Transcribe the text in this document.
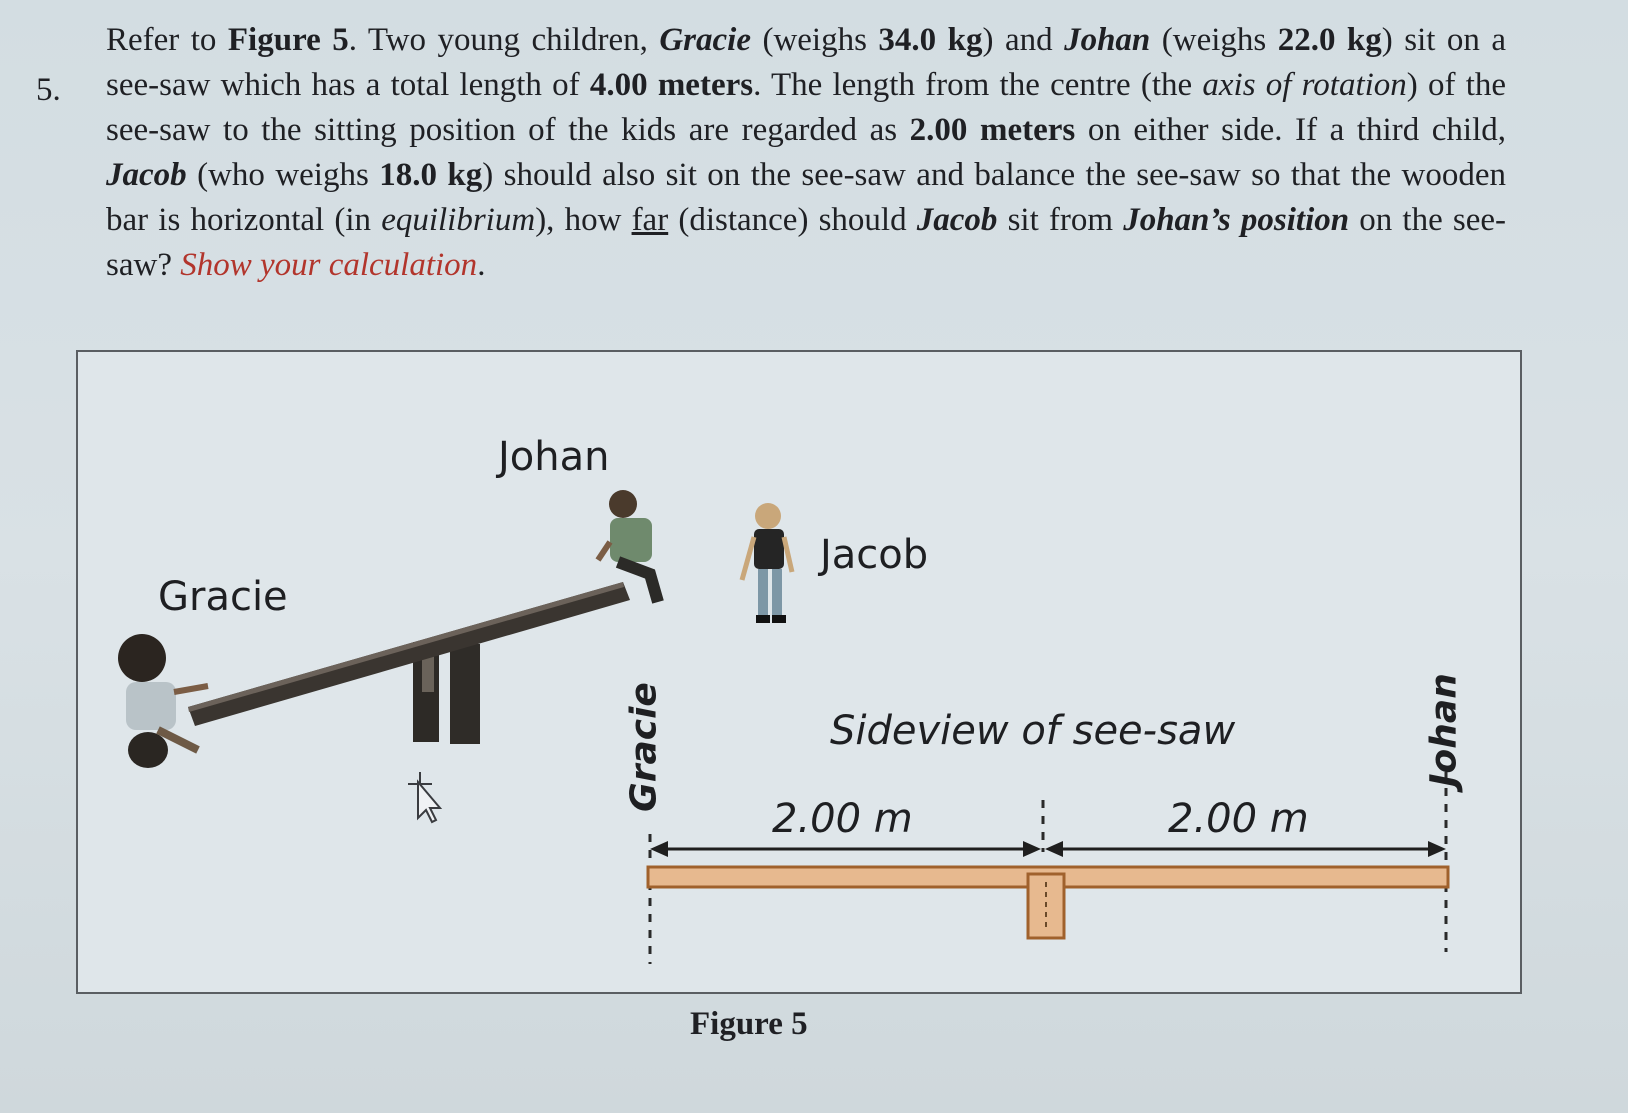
5.
Refer to Figure 5. Two young children, Gracie (weighs 34.0 kg) and Johan (weighs 22.0 kg) sit on a see-saw which has a total length of 4.00 meters. The length from the centre (the axis of rotation) of the see-saw to the sitting position of the kids are regarded as 2.00 meters on either side. If a third child, Jacob (who weighs 18.0 kg) should also sit on the see-saw and balance the see-saw so that the wooden bar is horizontal (in equilibrium), how far (distance) should Jacob sit from Johan’s position on the see-saw? Show your calculation.
Johan
Gracie
Jacob
Sideview of see-saw
2.00 m	2.00 m
Gracie	Johan
Figure 5
